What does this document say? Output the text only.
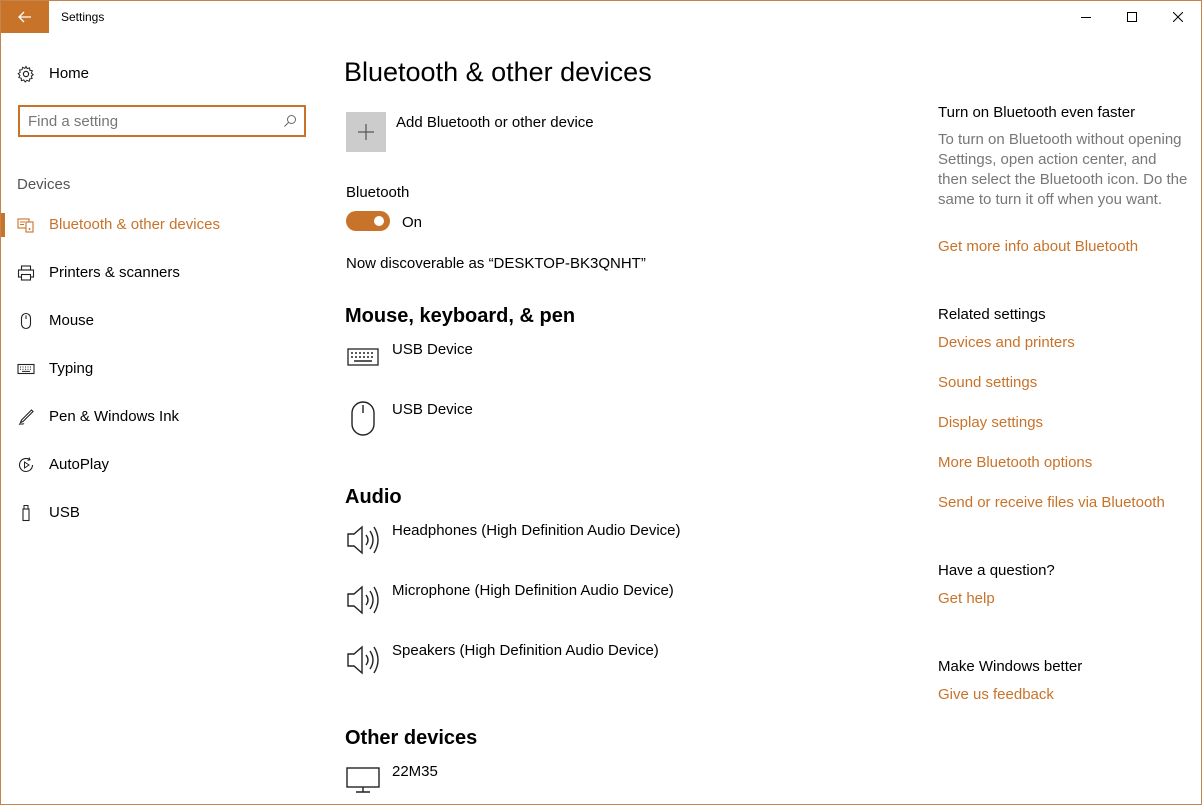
Settings
Home
Find a setting
Devices
Bluetooth & other devices
Printers & scanners
Mouse
Typing
Pen & Windows Ink
AutoPlay
USB
Bluetooth & other devices
Add Bluetooth or other device
Bluetooth
On
Now discoverable as “DESKTOP-BK3QNHT”
Mouse, keyboard, & pen
USB Device
USB Device
Audio
Headphones (High Definition Audio Device)
Microphone (High Definition Audio Device)
Speakers (High Definition Audio Device)
Other devices
22M35
Turn on Bluetooth even faster

To turn on Bluetooth without opening Settings, open action center, and then select the Bluetooth icon. Do the same to turn it off when you want.

Get more info about Bluetooth
Related settings
Devices and printers
Sound settings
Display settings
More Bluetooth options
Send or receive files via Bluetooth
Have a question?
Get help
Make Windows better
Give us feedback
